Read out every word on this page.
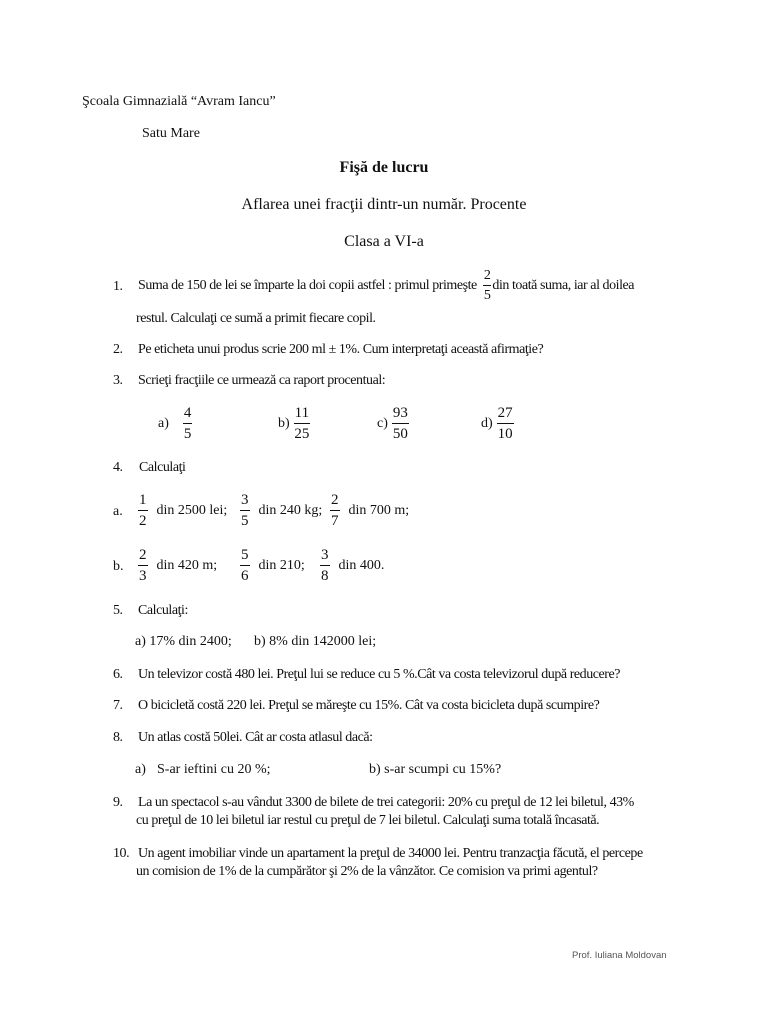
Şcoala Gimnazială “Avram Iancu”
Satu Mare
Fişă de lucru
Aflarea unei fracţii dintr-un număr. Procente
Clasa a VI-a
1. Suma de 150 de lei se împarte la doi copii astfel : primul primeşte $\frac{2}{5}$ din toată suma, iar al doilea
restul. Calculaţi ce sumă a primit fiecare copil.
2. Pe eticheta unui produs scrie 200 ml ± 1%. Cum interpretaţi această afirmaţie?
3. Scrieţi fracţiile ce urmează ca raport procentual:
$a) \frac{4}{5}$	$b) \frac{11}{25}$	$c) \frac{93}{50}$	$d) \frac{27}{10}$
4. Calculaţi
a. $\frac{1}{2}$ din 2500 lei; $\frac{3}{5}$ din 240 kg; $\frac{2}{7}$ din 700 m;
b. $\frac{2}{3}$ din 420 m; $\frac{5}{6}$ din 210; $\frac{3}{8}$ din 400.
5. Calculaţi:
a) 17% din 2400; b) 8% din 142000 lei;
6. Un televizor costă 480 lei. Preţul lui se reduce cu 5 %.Cât va costa televizorul după reducere?
7. O bicicletă costă 220 lei. Preţul se măreşte cu 15%. Cât va costa bicicleta după scumpire?
8. Un atlas costă 50lei. Cât ar costa atlasul dacă:
a) S-ar ieftini cu 20 %;	b) s-ar scumpi cu 15%?
9. La un spectacol s-au vândut 3300 de bilete de trei categorii: 20% cu preţul de 12 lei biletul, 43%
cu preţul de 10 lei biletul iar restul cu preţul de 7 lei biletul. Calculaţi suma totală încasată.
10. Un agent imobiliar vinde un apartament la preţul de 34000 lei. Pentru tranzacţia făcută, el percepe
un comision de 1% de la cumpărător şi 2% de la vânzător. Ce comision va primi agentul?
Prof. Iuliana Moldovan
